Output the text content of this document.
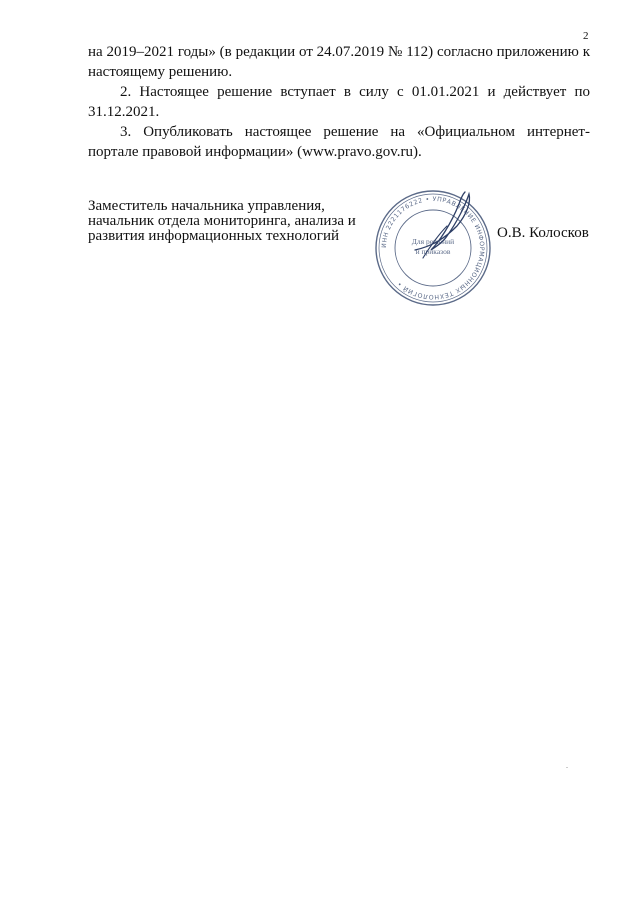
2

на 2019–2021 годы» (в редакции от 24.07.2019 № 112) согласно приложению к настоящему решению.

2. Настоящее решение вступает в силу с 01.01.2021 и действует по 31.12.2021.

3. Опубликовать настоящее решение на «Официальном интернет-портале правовой информации» (www.pravo.gov.ru).

Заместитель начальника управления,
начальник отдела мониторинга, анализа и
развития информационных технологий
ИНН 2221176222 • УПРАВЛЕНИЕ ИНФОРМАЦИОННЫХ ТЕХНОЛОГИЙ •
Для решений
и приказов
О.В. Колосков
